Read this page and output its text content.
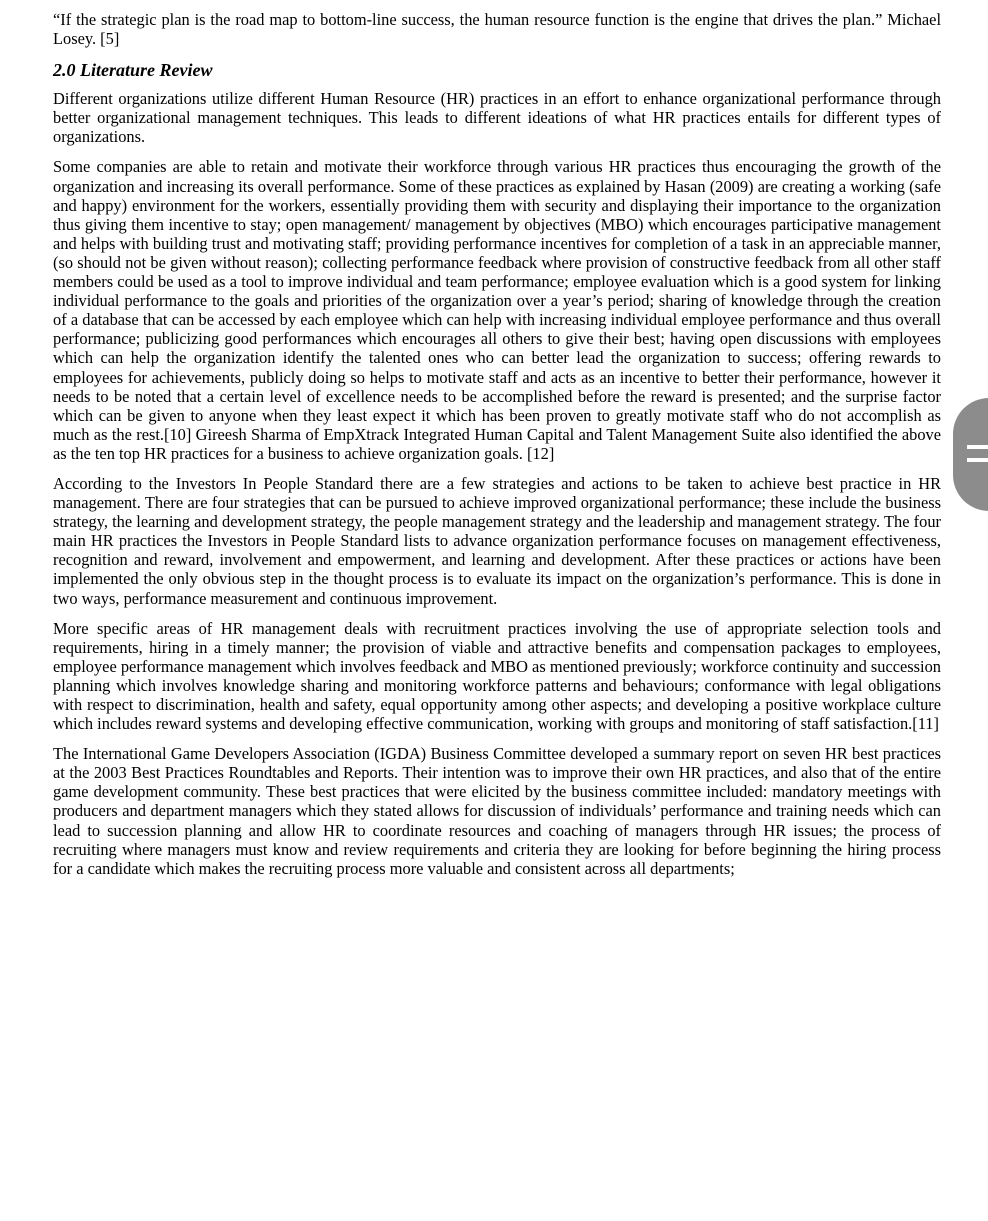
“If the strategic plan is the road map to bottom-line success, the human resource function is the engine that drives the plan.” Michael Losey. [5]

2.0 Literature Review

Different organizations utilize different Human Resource (HR) practices in an effort to enhance organizational performance through better organizational management techniques. This leads to different ideations of what HR practices entails for different types of organizations.

Some companies are able to retain and motivate their workforce through various HR practices thus encouraging the growth of the organization and increasing its overall performance. Some of these practices as explained by Hasan (2009) are creating a working (safe and happy) environment for the workers, essentially providing them with security and displaying their importance to the organization thus giving them incentive to stay; open management/ management by objectives (MBO) which encourages participative management and helps with building trust and motivating staff; providing performance incentives for completion of a task in an appreciable manner, (so should not be given without reason); collecting performance feedback where provision of constructive feedback from all other staff members could be used as a tool to improve individual and team performance; employee evaluation which is a good system for linking individual performance to the goals and priorities of the organization over a year’s period; sharing of knowledge through the creation of a database that can be accessed by each employee which can help with increasing individual employee performance and thus overall performance; publicizing good performances which encourages all others to give their best; having open discussions with employees which can help the organization identify the talented ones who can better lead the organization to success; offering rewards to employees for achievements, publicly doing so helps to motivate staff and acts as an incentive to better their performance, however it needs to be noted that a certain level of excellence needs to be accomplished before the reward is presented; and the surprise factor which can be given to anyone when they least expect it which has been proven to greatly motivate staff who do not accomplish as much as the rest.[10] Gireesh Sharma of EmpXtrack Integrated Human Capital and Talent Management Suite also identified the above as the ten top HR practices for a business to achieve organization goals. [12]

According to the Investors In People Standard there are a few strategies and actions to be taken to achieve best practice in HR management. There are four strategies that can be pursued to achieve improved organizational performance; these include the business strategy, the learning and development strategy, the people management strategy and the leadership and management strategy. The four main HR practices the Investors in People Standard lists to advance organization performance focuses on management effectiveness, recognition and reward, involvement and empowerment, and learning and development. After these practices or actions have been implemented the only obvious step in the thought process is to evaluate its impact on the organization’s performance. This is done in two ways, performance measurement and continuous improvement.

More specific areas of HR management deals with recruitment practices involving the use of appropriate selection tools and requirements, hiring in a timely manner; the provision of viable and attractive benefits and compensation packages to employees, employee performance management which involves feedback and MBO as mentioned previously; workforce continuity and succession planning which involves knowledge sharing and monitoring workforce patterns and behaviours; conformance with legal obligations with respect to discrimination, health and safety, equal opportunity among other aspects; and developing a positive workplace culture which includes reward systems and developing effective communication, working with groups and monitoring of staff satisfaction.[11]

The International Game Developers Association (IGDA) Business Committee developed a summary report on seven HR best practices at the 2003 Best Practices Roundtables and Reports. Their intention was to improve their own HR practices, and also that of the entire game development community. These best practices that were elicited by the business committee included: mandatory meetings with producers and department managers which they stated allows for discussion of individuals’ performance and training needs which can lead to succession planning and allow HR to coordinate resources and coaching of managers through HR issues; the process of recruiting where managers must know and review requirements and criteria they are looking for before beginning the hiring process for a candidate which makes the recruiting process more valuable and consistent across all departments;
